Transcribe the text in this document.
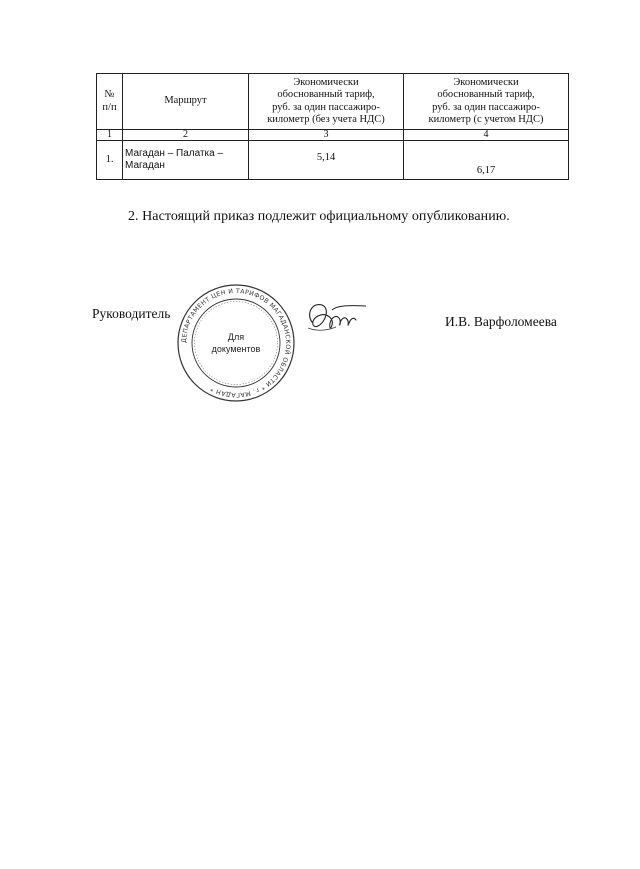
№
п/п	Маршрут	Экономически
обоснованный тариф,
руб. за один пассажиро-
километр (без учета НДС)	Экономически
обоснованный тариф,
руб. за один пассажиро-
километр (с учетом НДС)

1	2	3	4
1.	Магадан – Палатка –
Магадан	5,14	6,17
2. Настоящий приказ подлежит официальному опубликованию.
Руководитель
ДЕПАРТАМЕНТ ЦЕН И ТАРИФОВ МАГАДАНСКОЙ ОБЛАСТИ * г. МАГАДАН *
Для
документов
И.В. Варфоломеева
